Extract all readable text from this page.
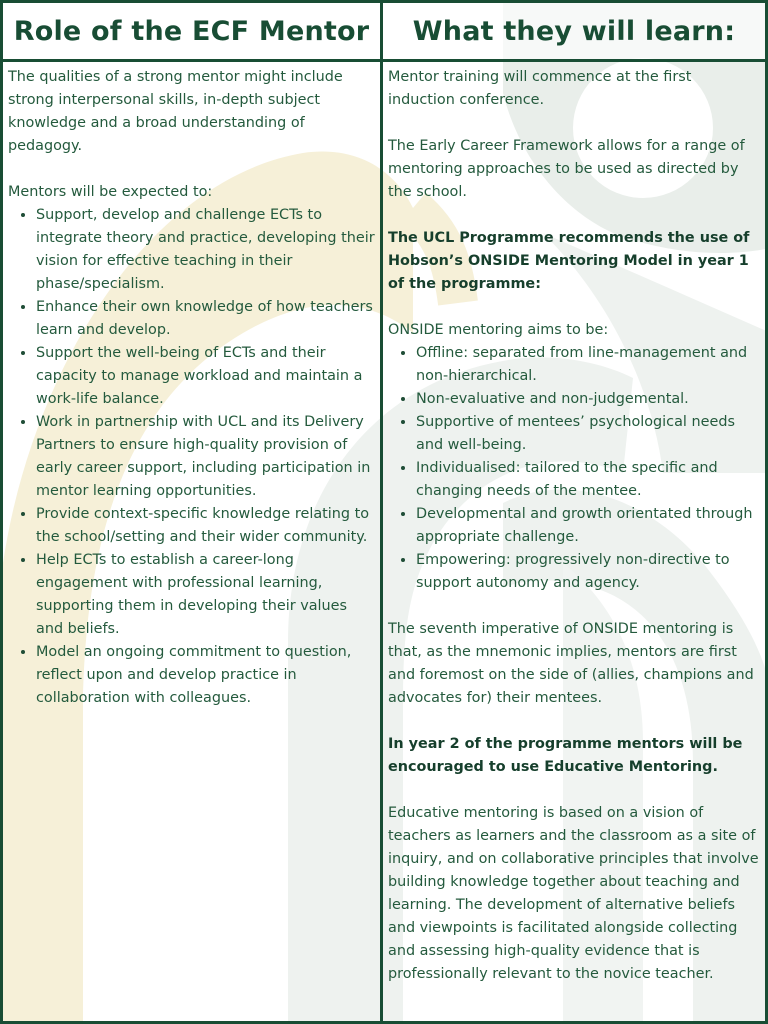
Role of the ECF Mentor	What they will learn:

The qualities of a strong mentor might include strong interpersonal skills, in-depth subject knowledge and a broad understanding of pedagogy.

Mentors will be expected to:

• Support, develop and challenge ECTs to integrate theory and practice, developing their vision for effective teaching in their phase/specialism.
• Enhance their own knowledge of how teachers learn and develop.
• Support the well-being of ECTs and their capacity to manage workload and maintain a work-life balance.
• Work in partnership with UCL and its Delivery Partners to ensure high-quality provision of early career support, including participation in mentor learning opportunities.
• Provide context-specific knowledge relating to the school/setting and their wider community.
• Help ECTs to establish a career-long engagement with professional learning, supporting them in developing their values and beliefs.
• Model an ongoing commitment to question, reflect upon and develop practice in collaboration with colleagues.

Mentor training will commence at the first induction conference.

The Early Career Framework allows for a range of mentoring approaches to be used as directed by the school.

The UCL Programme recommends the use of Hobson’s ONSIDE Mentoring Model in year 1 of the programme:

ONSIDE mentoring aims to be:

• Offline: separated from line-management and non-hierarchical.
• Non-evaluative and non-judgemental.
• Supportive of mentees’ psychological needs and well-being.
• Individualised: tailored to the specific and changing needs of the mentee.
• Developmental and growth orientated through appropriate challenge.
• Empowering: progressively non-directive to support autonomy and agency.

The seventh imperative of ONSIDE mentoring is that, as the mnemonic implies, mentors are first and foremost on the side of (allies, champions and advocates for) their mentees.

In year 2 of the programme mentors will be encouraged to use Educative Mentoring.

Educative mentoring is based on a vision of teachers as learners and the classroom as a site of inquiry, and on collaborative principles that involve building knowledge together about teaching and learning. The development of alternative beliefs and viewpoints is facilitated alongside collecting and assessing high-quality evidence that is professionally relevant to the novice teacher.
